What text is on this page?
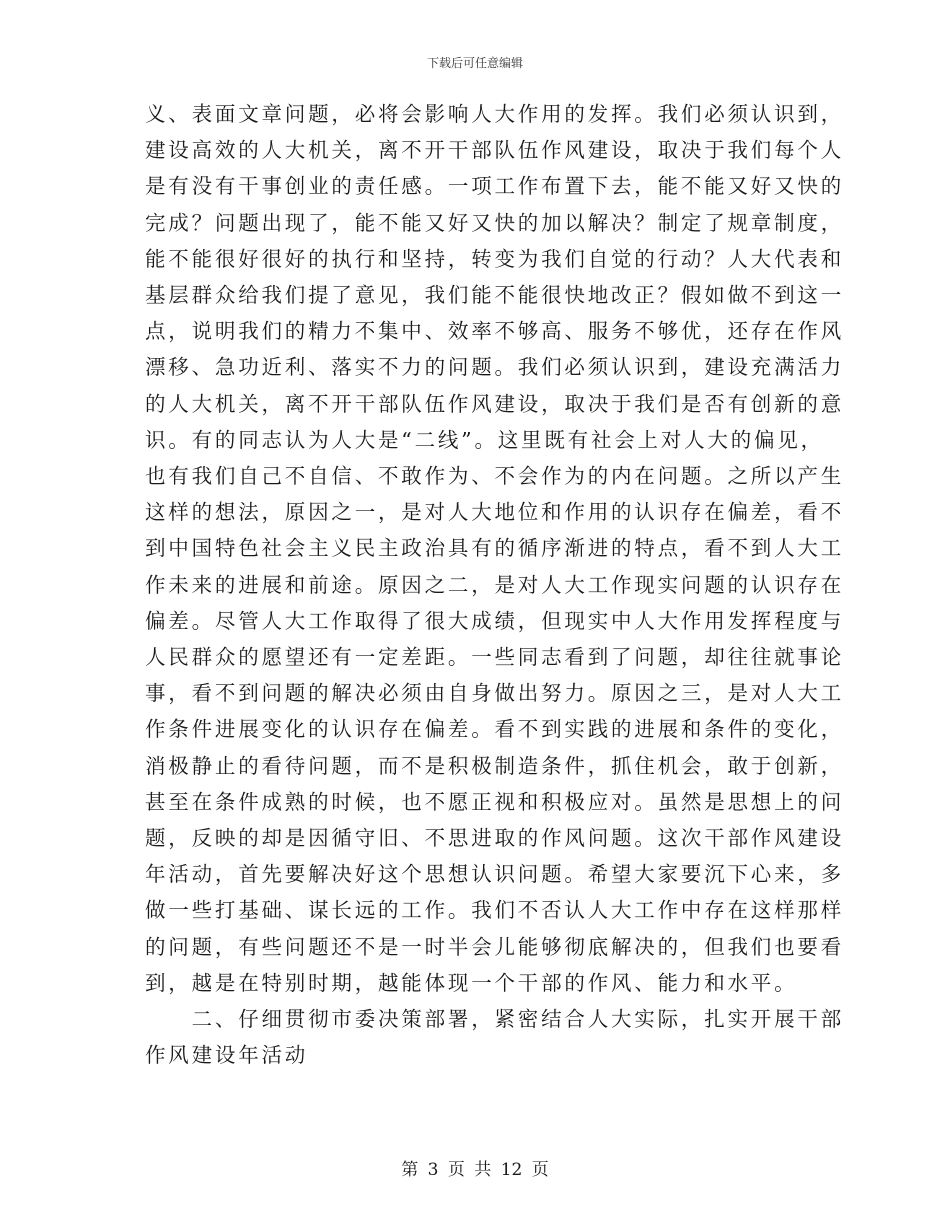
下载后可任意编辑
义、表面文章问题，必将会影响人大作用的发挥。我们必须认识到，
建设高效的人大机关，离不开干部队伍作风建设，取决于我们每个人
是有没有干事创业的责任感。一项工作布置下去，能不能又好又快的
完成？问题出现了，能不能又好又快的加以解决？制定了规章制度，
能不能很好很好的执行和坚持，转变为我们自觉的行动？人大代表和
基层群众给我们提了意见，我们能不能很快地改正？假如做不到这一
点，说明我们的精力不集中、效率不够高、服务不够优，还存在作风
漂移、急功近利、落实不力的问题。我们必须认识到，建设充满活力
的人大机关，离不开干部队伍作风建设，取决于我们是否有创新的意
识。有的同志认为人大是“二线”。这里既有社会上对人大的偏见，
也有我们自己不自信、不敢作为、不会作为的内在问题。之所以产生
这样的想法，原因之一，是对人大地位和作用的认识存在偏差，看不
到中国特色社会主义民主政治具有的循序渐进的特点，看不到人大工
作未来的进展和前途。原因之二，是对人大工作现实问题的认识存在
偏差。尽管人大工作取得了很大成绩，但现实中人大作用发挥程度与
人民群众的愿望还有一定差距。一些同志看到了问题，却往往就事论
事，看不到问题的解决必须由自身做出努力。原因之三，是对人大工
作条件进展变化的认识存在偏差。看不到实践的进展和条件的变化，
消极静止的看待问题，而不是积极制造条件，抓住机会，敢于创新，
甚至在条件成熟的时候，也不愿正视和积极应对。虽然是思想上的问
题，反映的却是因循守旧、不思进取的作风问题。这次干部作风建设
年活动，首先要解决好这个思想认识问题。希望大家要沉下心来，多
做一些打基础、谋长远的工作。我们不否认人大工作中存在这样那样
的问题，有些问题还不是一时半会儿能够彻底解决的，但我们也要看
到，越是在特别时期，越能体现一个干部的作风、能力和水平。
　　二、仔细贯彻市委决策部署，紧密结合人大实际，扎实开展干部
作风建设年活动
第 3 页 共 12 页
